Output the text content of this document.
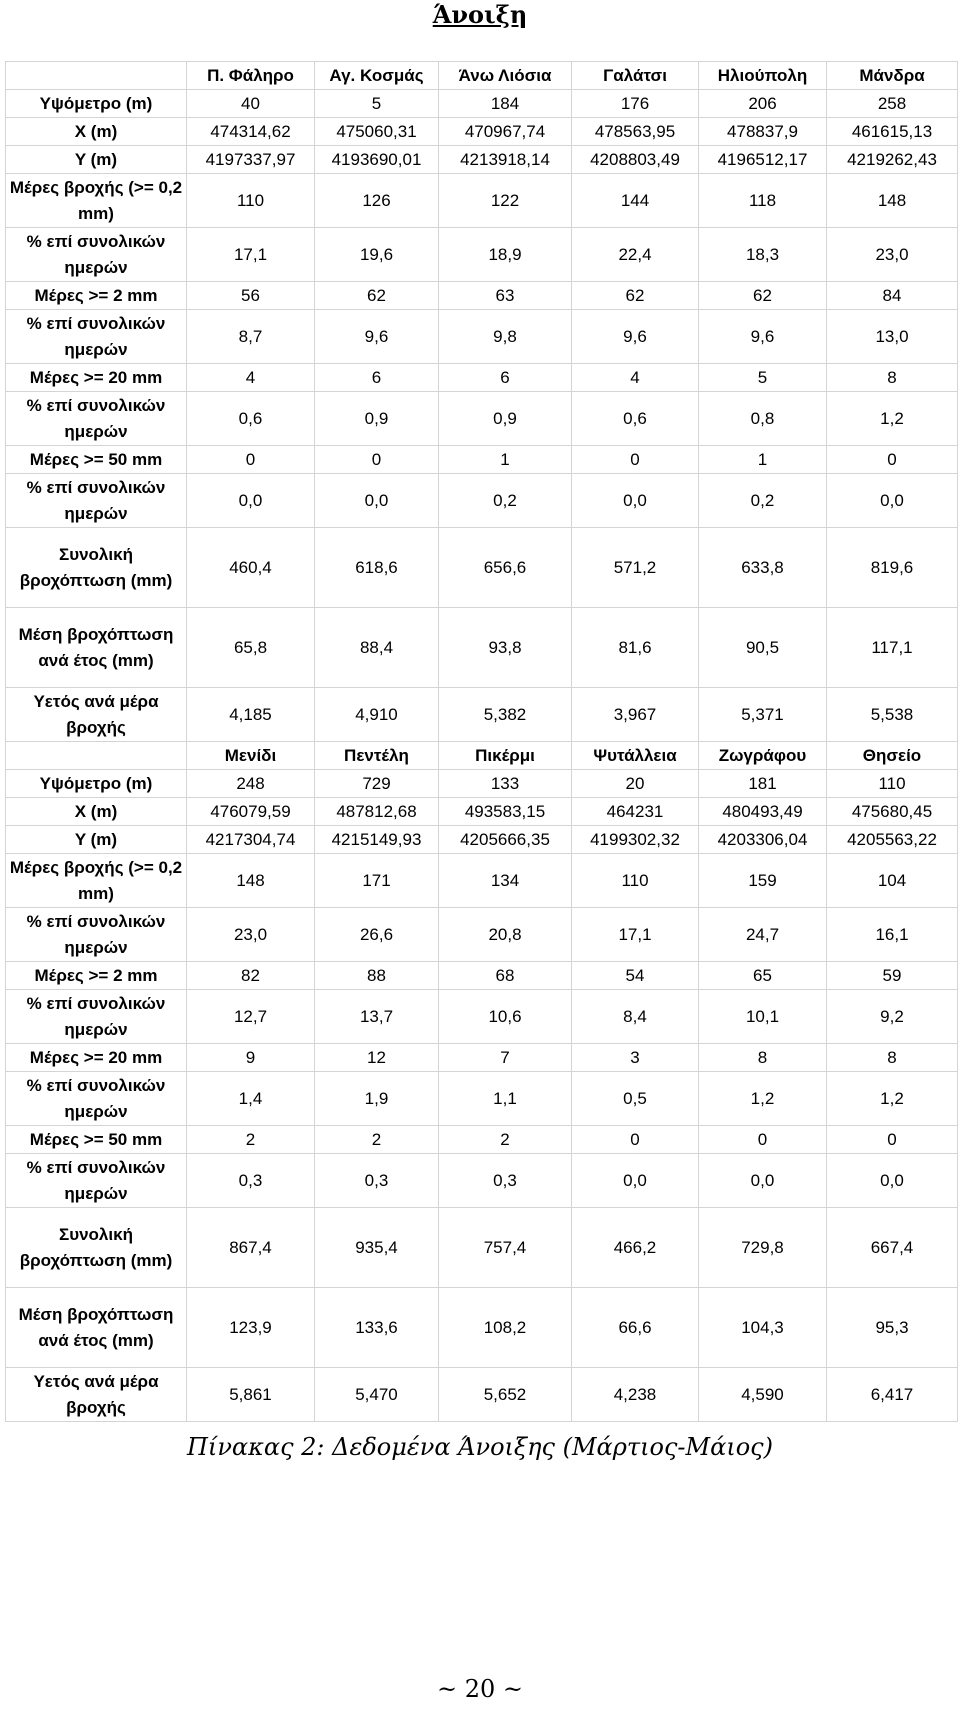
Άνοιξη
	Π. Φάληρο	Αγ. Κοσμάς	Άνω Λιόσια	Γαλάτσι	Ηλιούπολη	Μάνδρα
Υψόμετρο (m)	40	5	184	176	206	258
X (m)	474314,62	475060,31	470967,74	478563,95	478837,9	461615,13
Y (m)	4197337,97	4193690,01	4213918,14	4208803,49	4196512,17	4219262,43
Μέρες βροχής (>= 0,2 mm)	110	126	122	144	118	148
% επί συνολικών ημερών	17,1	19,6	18,9	22,4	18,3	23,0
Μέρες >= 2 mm	56	62	63	62	62	84
% επί συνολικών ημερών	8,7	9,6	9,8	9,6	9,6	13,0
Μέρες >= 20 mm	4	6	6	4	5	8
% επί συνολικών ημερών	0,6	0,9	0,9	0,6	0,8	1,2
Μέρες >= 50 mm	0	0	1	0	1	0
% επί συνολικών ημερών	0,0	0,0	0,2	0,0	0,2	0,0
Συνολική βροχόπτωση (mm)	460,4	618,6	656,6	571,2	633,8	819,6
Μέση βροχόπτωση ανά έτος (mm)	65,8	88,4	93,8	81,6	90,5	117,1
Υετός ανά μέρα βροχής	4,185	4,910	5,382	3,967	5,371	5,538
	Μενίδι	Πεντέλη	Πικέρμι	Ψυτάλλεια	Ζωγράφου	Θησείο
Υψόμετρο (m)	248	729	133	20	181	110
X (m)	476079,59	487812,68	493583,15	464231	480493,49	475680,45
Y (m)	4217304,74	4215149,93	4205666,35	4199302,32	4203306,04	4205563,22
Μέρες βροχής (>= 0,2 mm)	148	171	134	110	159	104
% επί συνολικών ημερών	23,0	26,6	20,8	17,1	24,7	16,1
Μέρες >= 2 mm	82	88	68	54	65	59
% επί συνολικών ημερών	12,7	13,7	10,6	8,4	10,1	9,2
Μέρες >= 20 mm	9	12	7	3	8	8
% επί συνολικών ημερών	1,4	1,9	1,1	0,5	1,2	1,2
Μέρες >= 50 mm	2	2	2	0	0	0
% επί συνολικών ημερών	0,3	0,3	0,3	0,0	0,0	0,0
Συνολική βροχόπτωση (mm)	867,4	935,4	757,4	466,2	729,8	667,4
Μέση βροχόπτωση ανά έτος (mm)	123,9	133,6	108,2	66,6	104,3	95,3
Υετός ανά μέρα βροχής	5,861	5,470	5,652	4,238	4,590	6,417
Πίνακας 2: Δεδομένα Άνοιξης (Μάρτιος-Μάιος)
~ 20 ~
